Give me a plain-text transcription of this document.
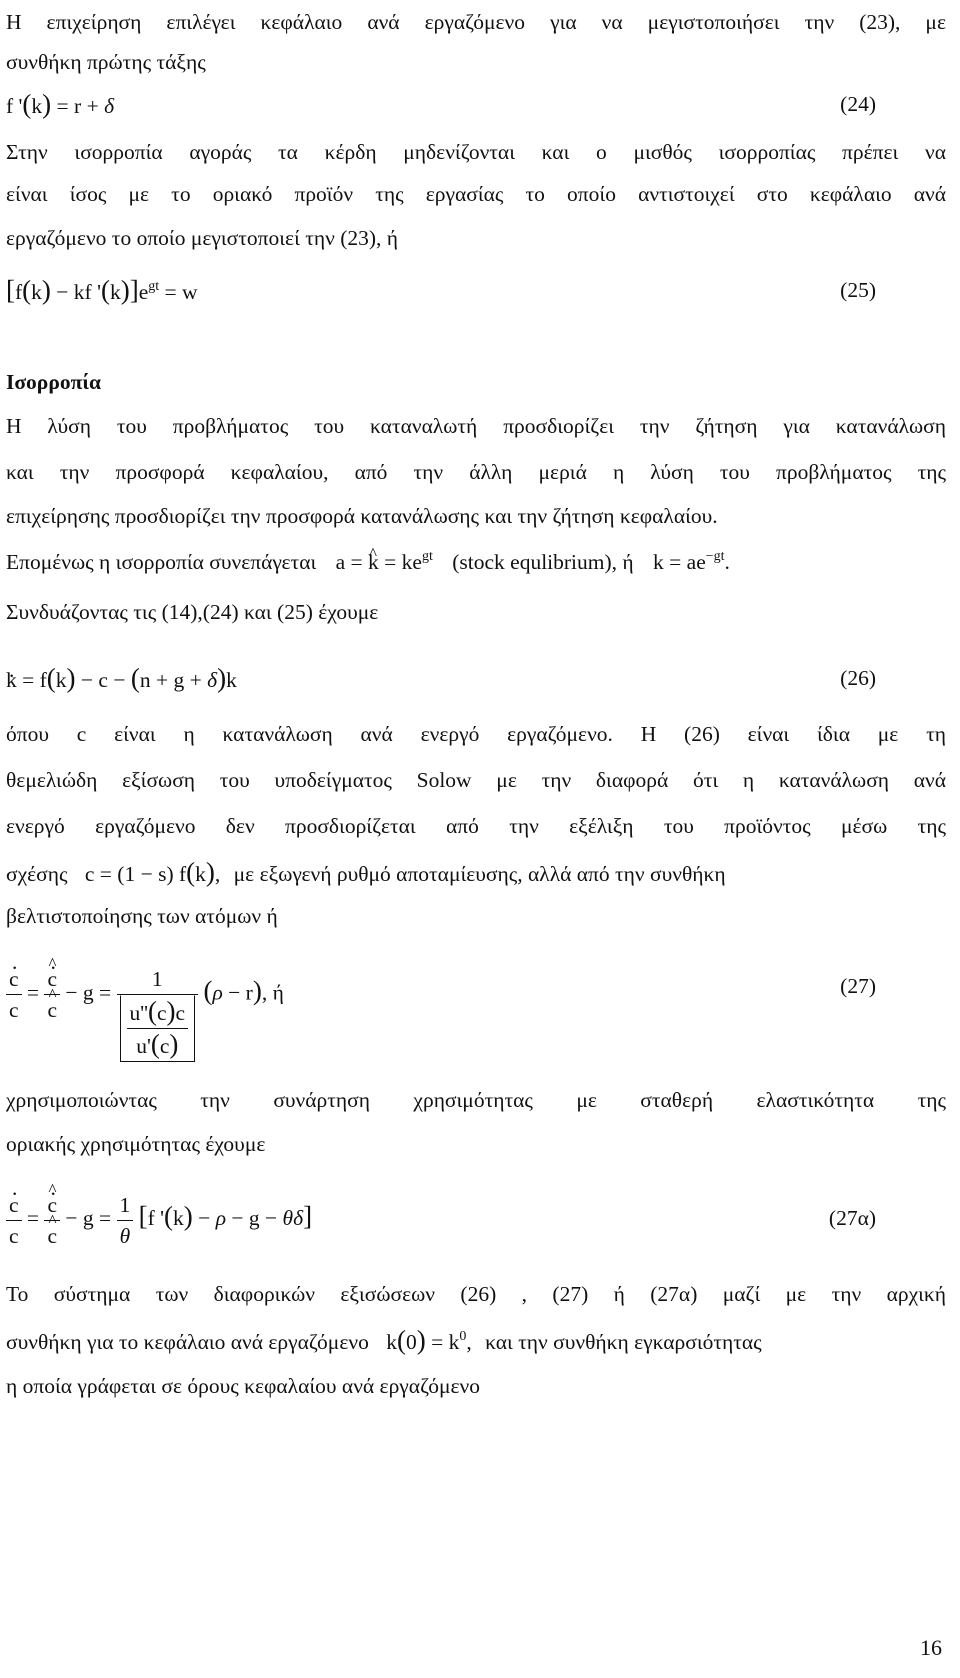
Η επιχείρηση επιλέγει κεφάλαιο ανά εργαζόμενο για να μεγιστοποιήσει την (23), με
συνθήκη πρώτης τάξης
f '(k) = r + δ	(24)
Στην ισορροπία αγοράς τα κέρδη μηδενίζονται και ο μισθός ισορροπίας πρέπει να
είναι ίσος με το οριακό προϊόν της εργασίας το οποίο αντιστοιχεί στο κεφάλαιο ανά
εργαζόμενο το οποίο μεγιστοποιεί την (23), ή
[f(k) − kf '$(k)]e^{gt} = w$	(25)
Ισορροπία
Η λύση του προβλήματος του καταναλωτή προσδιορίζει την ζήτηση για κατανάλωση
και την προσφορά κεφαλαίου, από την άλλη μεριά η λύση του προβλήματος της
επιχείρησης προσδιορίζει την προσφορά κατανάλωσης και την ζήτηση κεφαλαίου.
Επομένως η ισορροπία συνεπάγεται a = ^ $k = ke^{gt}$ (stock equlibrium), ή $k = ae^{-gt}$.
Συνδυάζοντας τις (14),(24) και (25) έχουμε
. k = f(k) − c − (n + g + δ)k	(26)
όπου c είναι η κατανάλωση ανά ενεργό εργαζόμενο. Η (26) είναι ίδια με τη
θεμελιώδη εξίσωση του υποδείγματος Solow με την διαφορά ότι η κατανάλωση ανά
ενεργό εργαζόμενο δεν προσδιορίζεται από την εξέλιξη του προϊόντος μέσω της
σχέσης c = (1 − s) f(k), με εξωγενή ρυθμό αποταμίευσης, αλλά από την συνθήκη
βελτιστοποίησης των ατόμων ή
. $\frac{c}{c}$ = . ^ c
^ $c - g = \frac{1}{\frac{u''(c)c}{u'(c)}} (\rho - r)$, ή	(27)
χρησιμοποιώντας την συνάρτηση χρησιμότητας με σταθερή ελαστικότητα της
οριακής χρησιμότητας έχουμε
. $\frac{c}{c}$ = . ^ c
^ $c - g = \frac{1}{\theta} [f$ '(k) − ρ − g − θδ]	(27α)
Το σύστημα των διαφορικών εξισώσεων (26) , (27) ή (27α) μαζί με την αρχική
συνθήκη για το κεφάλαιο ανά εργαζόμενο $k(0) = k^0$, και την συνθήκη εγκαρσιότητας
η οποία γράφεται σε όρους κεφαλαίου ανά εργαζόμενο
16
